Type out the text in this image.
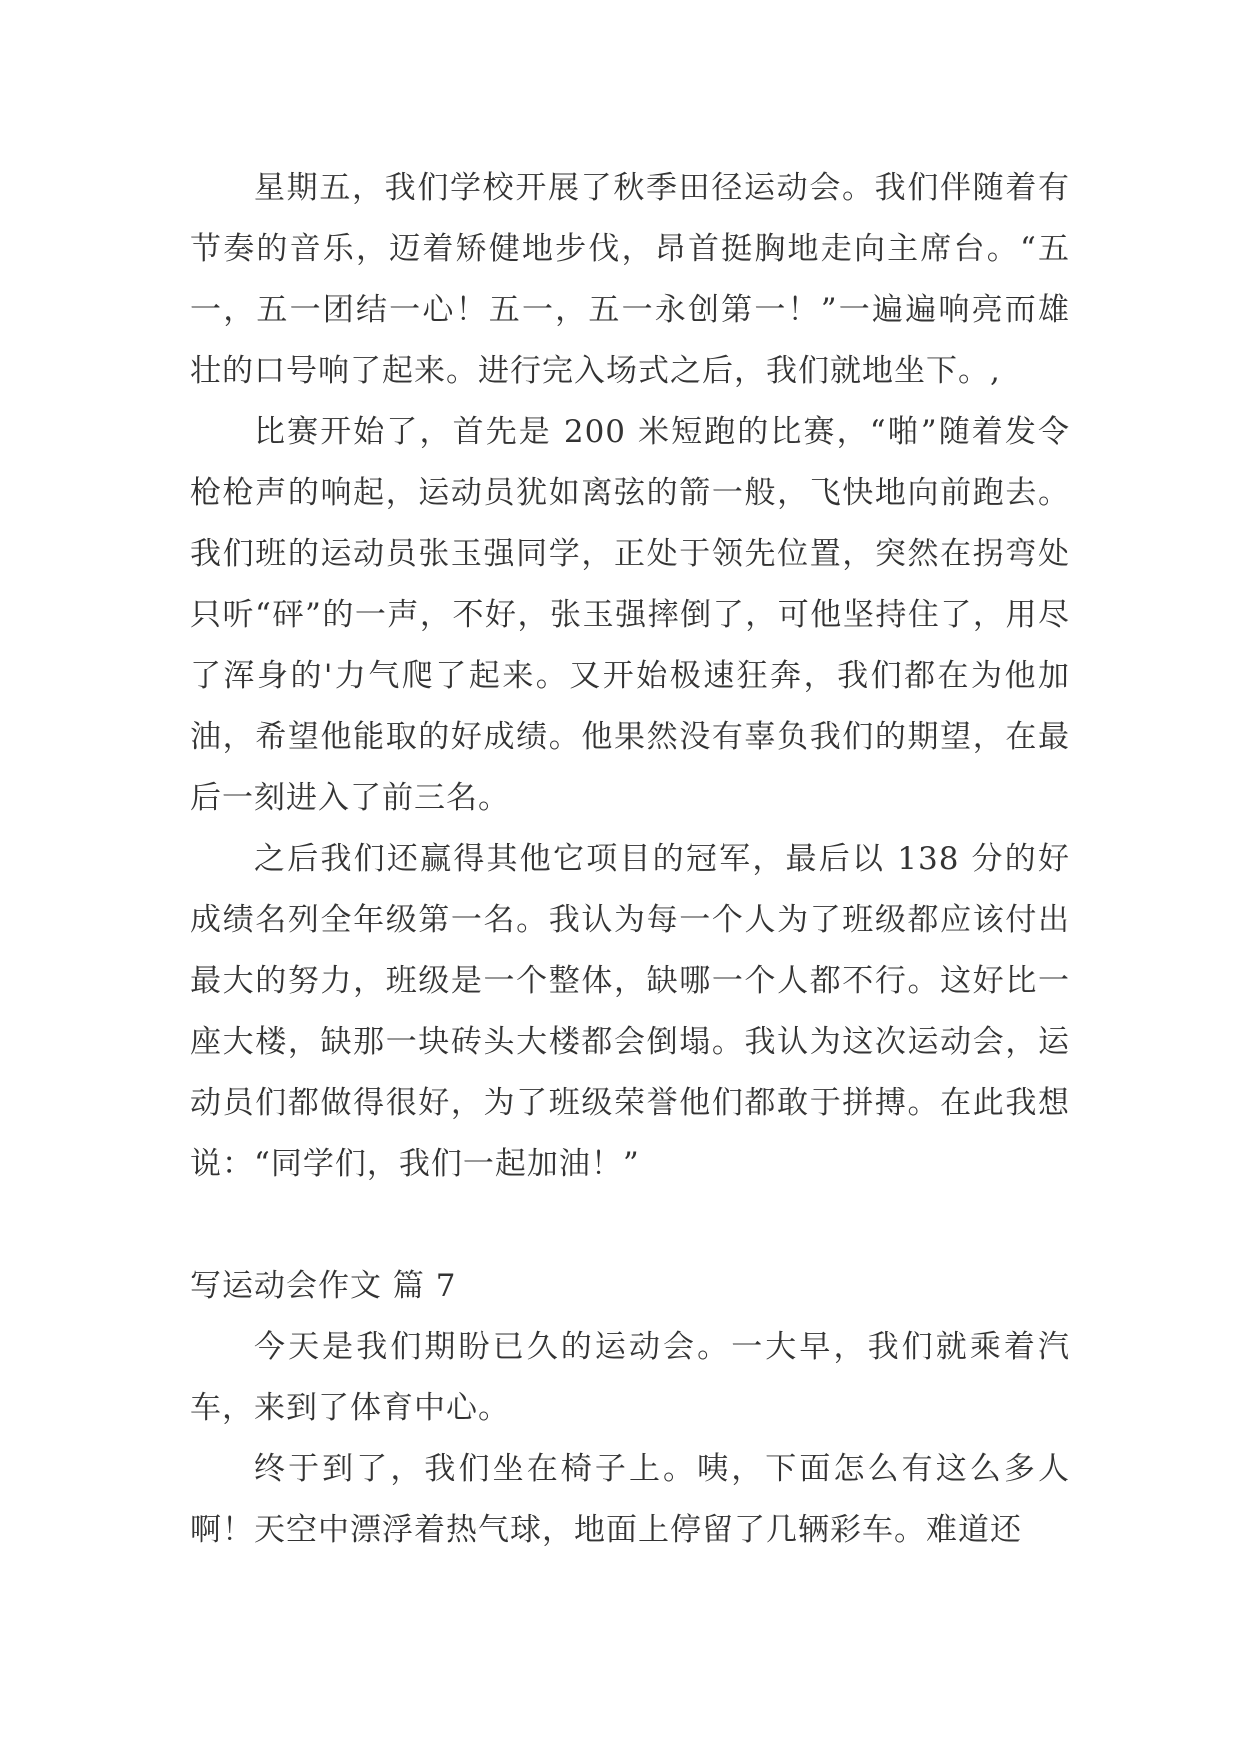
星期五，我们学校开展了秋季田径运动会。我们伴随着有节奏的音乐，迈着矫健地步伐，昂首挺胸地走向主席台。“五一，五一团结一心！五一，五一永创第一！”一遍遍响亮而雄壮的口号响了起来。进行完入场式之后，我们就地坐下。,

比赛开始了，首先是 200 米短跑的比赛，“啪”随着发令枪枪声的响起，运动员犹如离弦的箭一般，飞快地向前跑去。我们班的运动员张玉强同学，正处于领先位置，突然在拐弯处只听“砰”的一声，不好，张玉强摔倒了，可他坚持住了，用尽了浑身的'力气爬了起来。又开始极速狂奔，我们都在为他加油，希望他能取的好成绩。他果然没有辜负我们的期望，在最后一刻进入了前三名。

之后我们还赢得其他它项目的冠军，最后以 138 分的好成绩名列全年级第一名。我认为每一个人为了班级都应该付出最大的努力，班级是一个整体，缺哪一个人都不行。这好比一座大楼，缺那一块砖头大楼都会倒塌。我认为这次运动会，运动员们都做得很好，为了班级荣誉他们都敢于拼搏。在此我想说：“同学们，我们一起加油！”

写运动会作文 篇 7

今天是我们期盼已久的运动会。一大早，我们就乘着汽车，来到了体育中心。

终于到了，我们坐在椅子上。咦，下面怎么有这么多人啊！天空中漂浮着热气球，地面上停留了几辆彩车。难道还
